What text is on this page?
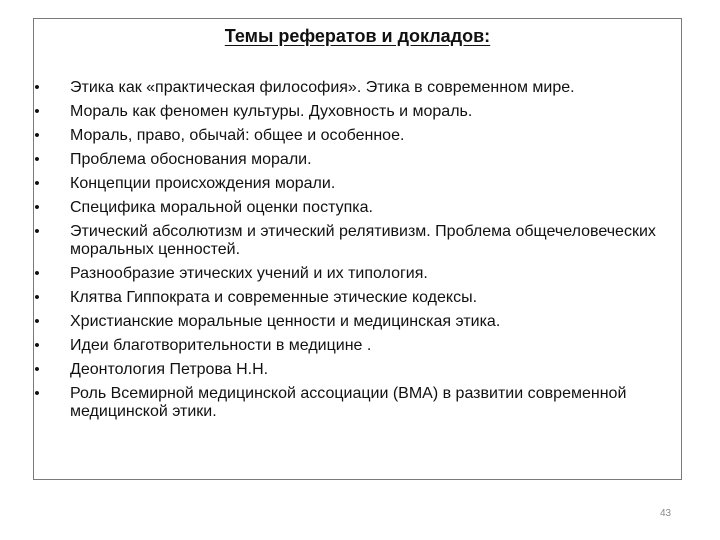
Темы рефератов и докладов:
• Этика как «практическая философия». Этика в современном мире.
• Мораль как феномен культуры. Духовность и мораль.
• Мораль, право, обычай: общее и особенное.
• Проблема обоснования морали.
• Концепции происхождения морали.
• Специфика моральной оценки поступка.
• Этический абсолютизм и этический релятивизм. Проблема общечеловеческих моральных ценностей.
• Разнообразие этических учений и их типология.
• Клятва Гиппократа и современные этические кодексы.
• Христианские моральные ценности и медицинская этика.
• Идеи благотворительности в медицине .
• Деонтология Петрова Н.Н.
• Роль Всемирной медицинской ассоциации (ВМА) в развитии современной медицинской этики.
43
